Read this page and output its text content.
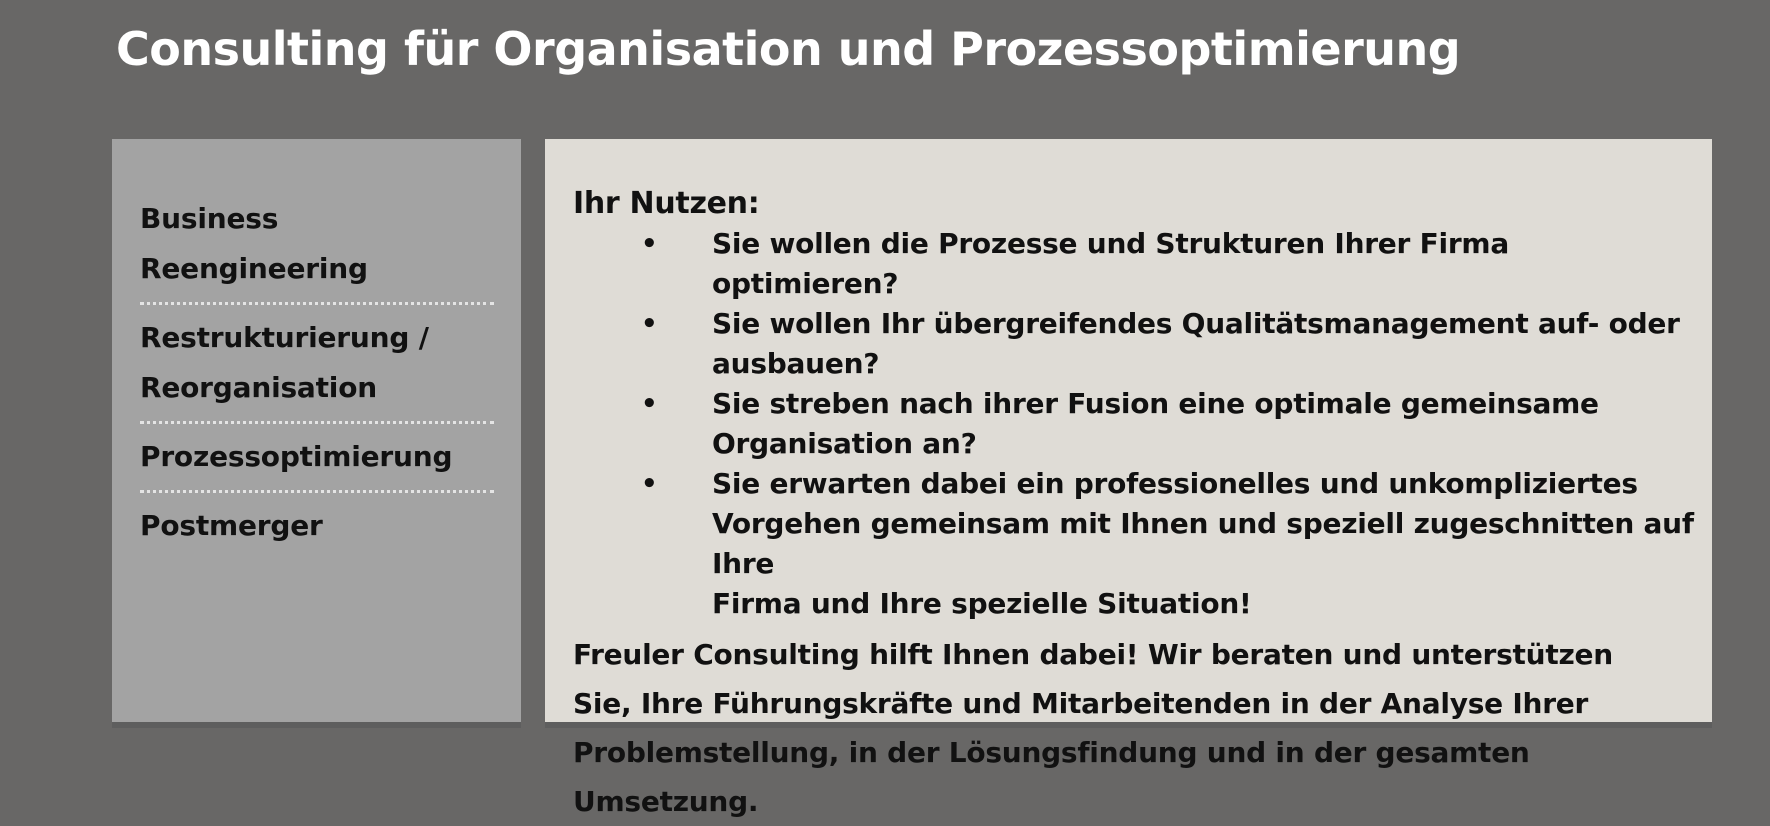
Consulting für Organisation und Prozessoptimierung
Business
Reengineering
Restrukturierung /
Reorganisation
Prozessoptimierung
Postmerger
Ihr Nutzen:
• Sie wollen die Prozesse und Strukturen Ihrer Firma optimieren?
• Sie wollen Ihr übergreifendes Qualitätsmanagement auf- oder
ausbauen?
• Sie streben nach ihrer Fusion eine optimale gemeinsame
Organisation an?
• Sie erwarten dabei ein professionelles und unkompliziertes
Vorgehen gemeinsam mit Ihnen und speziell zugeschnitten auf Ihre
Firma und Ihre spezielle Situation!

Freuler Consulting hilft Ihnen dabei! Wir beraten und unterstützen
Sie, Ihre Führungskräfte und Mitarbeitenden in der Analyse Ihrer
Problemstellung, in der Lösungsfindung und in der gesamten Umsetzung.
